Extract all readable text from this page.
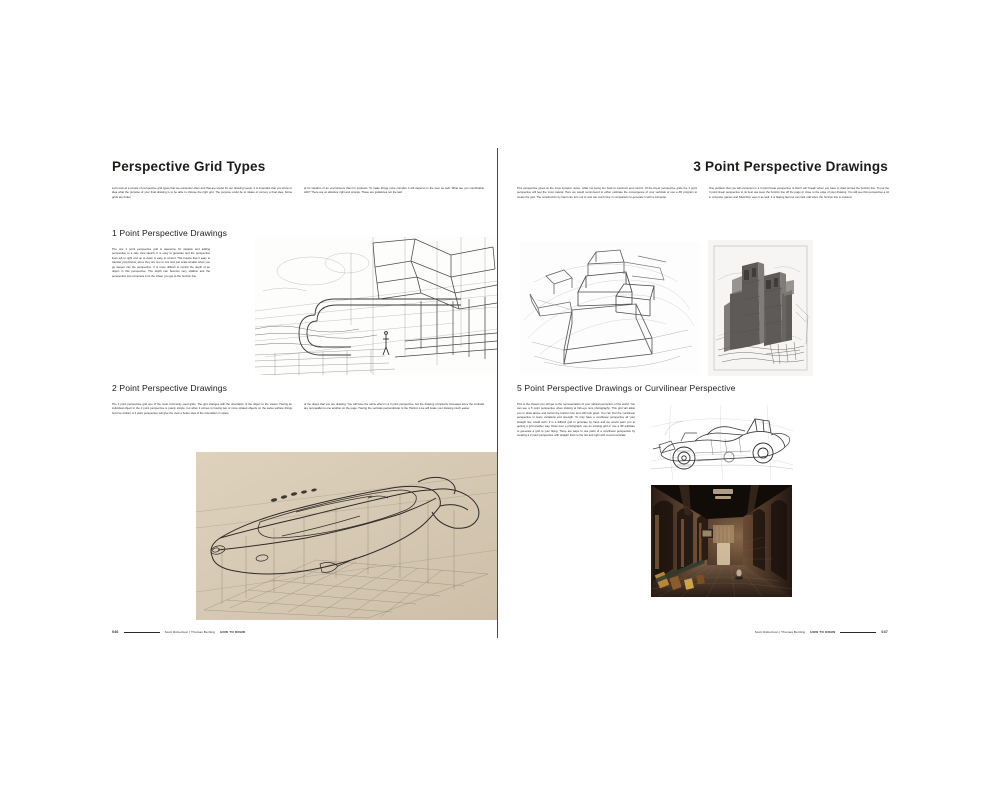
Perspective Grid Types

Let's look at a couple of perspective grid types that we encounter often and that are useful for our drawing needs. It is important that you know or idea what the purpose of your final drawing is to be able to choose the right grid. The purpose could be to ideate or convey a final idea. Some grids are better

at for ideation of an environment than for products. To make things more complex it will depend on the user as well. What are you comfortable with? There are no absolute right and wrongs. These are guidelines not the law!

1 Point Perspective Drawings

The one 1 point perspective grid is awesome for ideation and adding perspective to a side view sketch. It is easy to generate and the perspective lines left to right end up to down is easy to control. This means that it easy to transfer proportions, since they are one to one and just scale smaller when you go deeper into the perspective. It is more difficult to control the depth of an object in this perspective. The depth can become very shallow and the perspective can compress a lot the closer you get to the horizon line.

2 Point Perspective Drawings

The 2 point perspective grid one of the most commonly used grids. The grid changes with the orientation of the object to the viewer. Having an individual object in the 2 point perspective is purely simple, but when it comes to having two or more rotated objects on the same surface things become trickier. A 2 point perspective will give the view a better idea of the orientation in space

of the object that you are drawing. You will have the same effect in a 3 point perspective, but the drawing complexity increases since the verticals are not parallel to one another on the page. Having the verticals perpendicular to the Horizon Line will make your drawing much easier.

046	Scott Robertson | Thomas Bertling HOW TO DRAW
3 Point Perspective Drawings

This perspective gives us the most dynamic views, while not being too hard to construct and control. Of the linear perspective grids the 3 point perspective will feel the most natural. Here we would recommend to either estimate the convergence of your verticals or use a 3D program to create the grid. The construction by hand can turn out to cost too much time in comparison to generate it with a computer.

One problem that you will encounter in a 3 point linear perspective is that it will "break" when you have to draw across the horizon line. To put the 3 point linear perspective to its best use keep the horizon line off the page or close to the edge of your drawing. You will see this perspective a lot in computer games and SketchUp uses it as well. It is blaring fast but can look odd when the horizon line is crossed.

5 Point Perspective Drawings or Curvilinear Perspective

This is the closest you will get to the representation of your natural perception of the world. You can see a 5 point perspective when looking at fish-eye lens photography. This grid will allow you to draw above and below the horizon line and still look good. You can find the curvilinear perspective in many variations and strength. To truly have a curvilinear perspective all your straight line would arch. It is a difficult grid to generate by hand and we would paint you to getting a grid another way. Draw over a photograph, use an existing grid or use a 3D software to generate a grid to your liking. There are ways to use parts of a curvilinear perspective by creating a 2 point perspective with straight lines to the left and right with curved verticals.

Scott Robertson | Thomas Bertling HOW TO DRAW	047
